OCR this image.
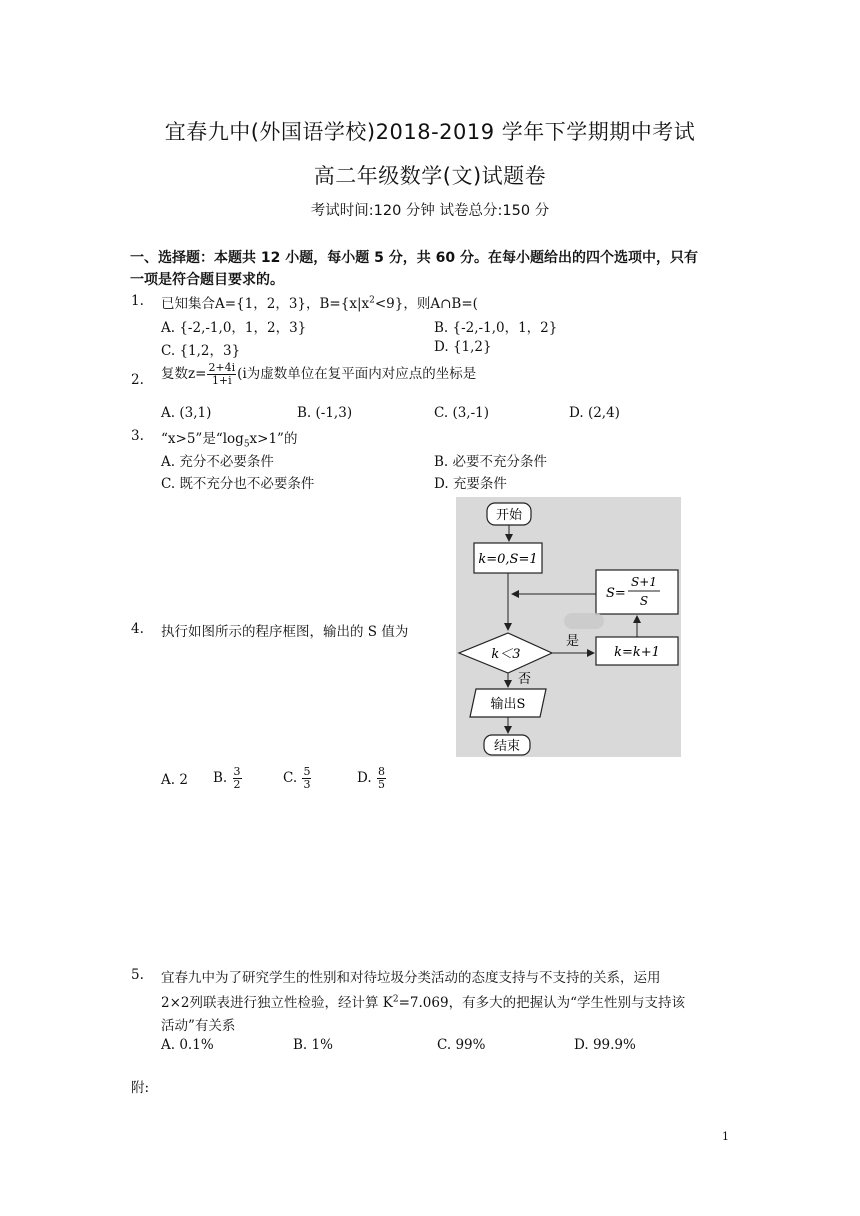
宜春九中(外国语学校)2018-2019 学年下学期期中考试
高二年级数学(文)试题卷
考试时间:120 分钟 试卷总分:150 分
一、选择题：本题共 12 小题，每小题 5 分，共 60 分。在每小题给出的四个选项中，只有
一项是符合题目要求的。
1. 已知集合A={1，2，3}，$B=\{x|x^2<9\}$，则A∩B=(
A. {-2,-1,0，1，2，3}	B. {-2,-1,0，1，2}
C. {1,2，3}	D. {1,2}
2. 复数$z= \frac{2+4i}{1+i} (i$为虚数单位在复平面内对应点的坐标是
A. (3,1)	B. (-1,3)	C. (3,-1)	D. (2,4)
3. “x>5”是“$\log_5x>1$”的
A. 充分不必要条件	B. 必要不充分条件
C. 既不充分也不必要条件	D. 充要条件
4. 执行如图所示的程序框图，输出的 S 值为
开始
k=0,S=1
S=
S+1
S
k＜3
是
k=k+1
否
输出S
结束
A. 2 B. $\frac{3}{2}$	C. $\frac{5}{3}$	D. $\frac{8}{5}$
5. 宜春九中为了研究学生的性别和对待垃圾分类活动的态度支持与不支持的关系，运用
2×2列联表进行独立性检验，经计算 $K^2=7.069$，有多大的把握认为“学生性别与支持该
活动”有关系
A. 0.1%	B. 1%	C. 99%	D. 99.9%
附:
1
